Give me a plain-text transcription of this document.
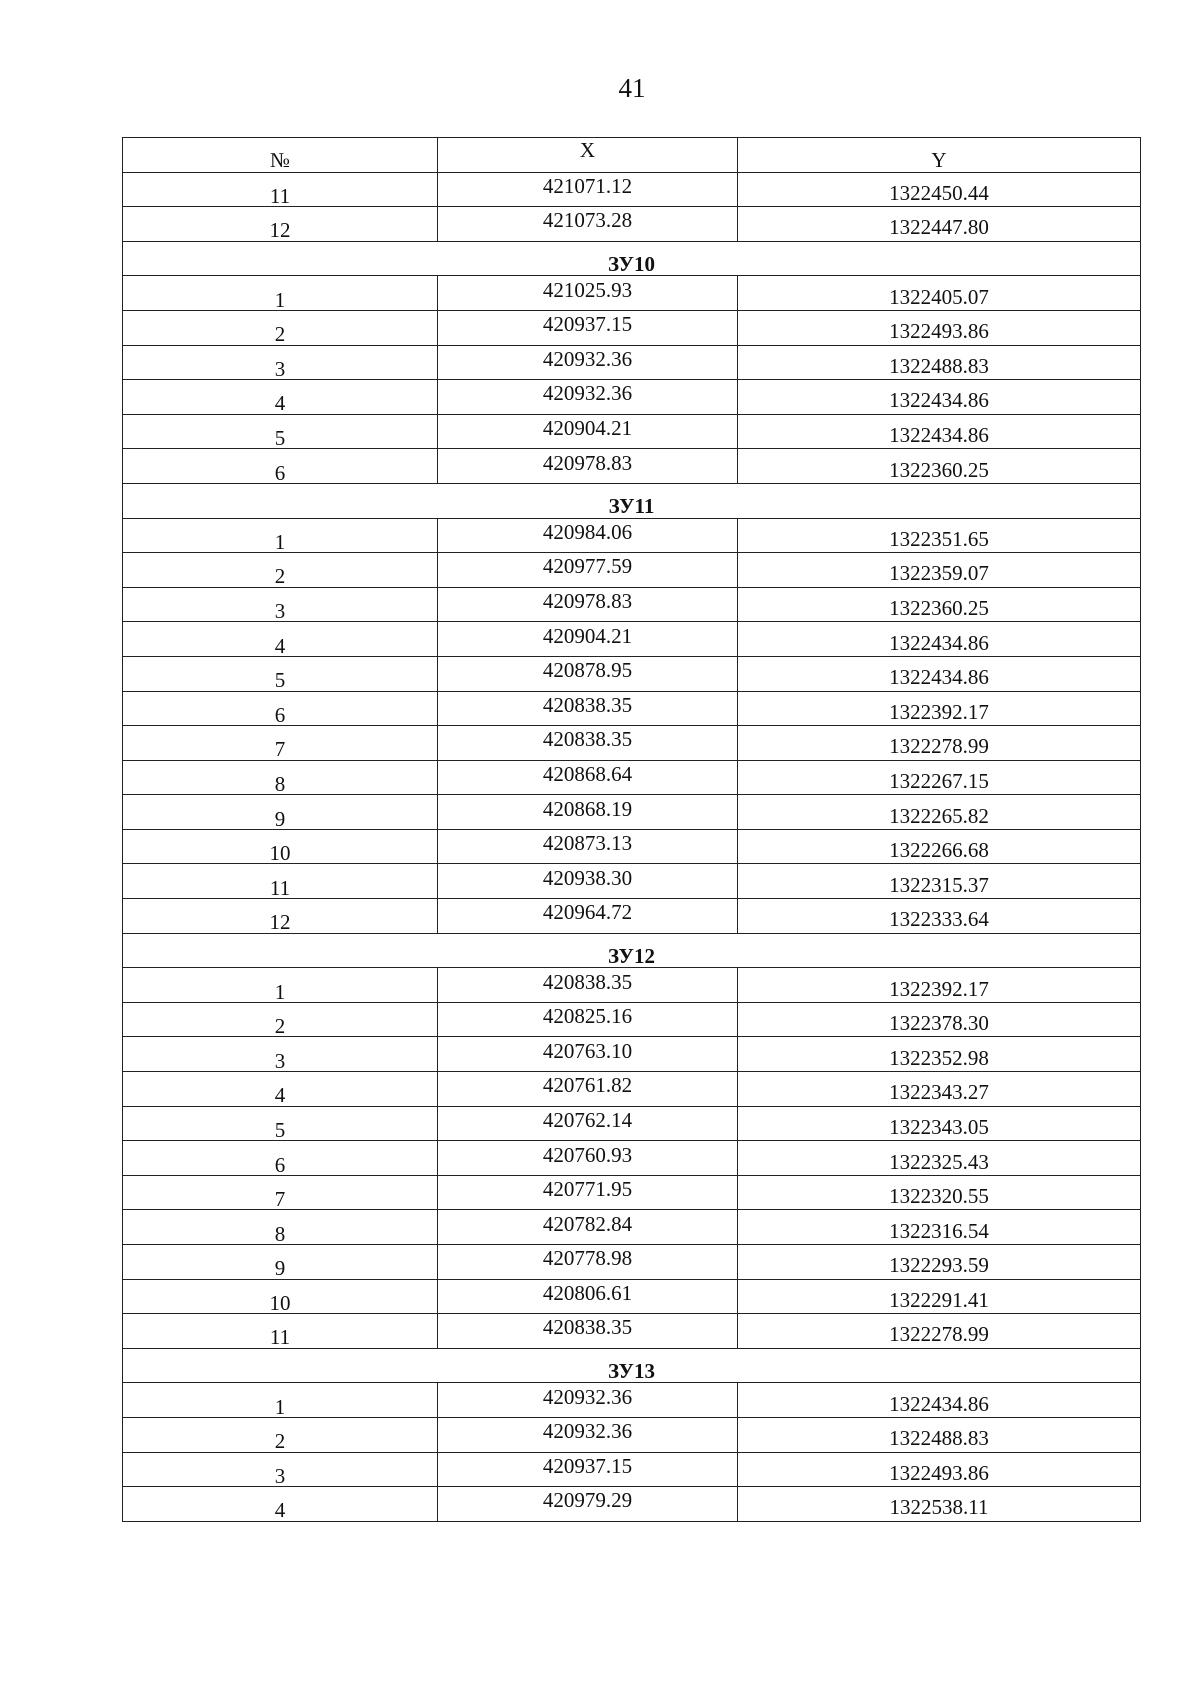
41
№	X	Y
11	421071.12	1322450.44
12	421073.28	1322447.80
ЗУ10		
1	421025.93	1322405.07
2	420937.15	1322493.86
3	420932.36	1322488.83
4	420932.36	1322434.86
5	420904.21	1322434.86
6	420978.83	1322360.25
ЗУ11		
1	420984.06	1322351.65
2	420977.59	1322359.07
3	420978.83	1322360.25
4	420904.21	1322434.86
5	420878.95	1322434.86
6	420838.35	1322392.17
7	420838.35	1322278.99
8	420868.64	1322267.15
9	420868.19	1322265.82
10	420873.13	1322266.68
11	420938.30	1322315.37
12	420964.72	1322333.64
ЗУ12		
1	420838.35	1322392.17
2	420825.16	1322378.30
3	420763.10	1322352.98
4	420761.82	1322343.27
5	420762.14	1322343.05
6	420760.93	1322325.43
7	420771.95	1322320.55
8	420782.84	1322316.54
9	420778.98	1322293.59
10	420806.61	1322291.41
11	420838.35	1322278.99
ЗУ13		
1	420932.36	1322434.86
2	420932.36	1322488.83
3	420937.15	1322493.86
4	420979.29	1322538.11
